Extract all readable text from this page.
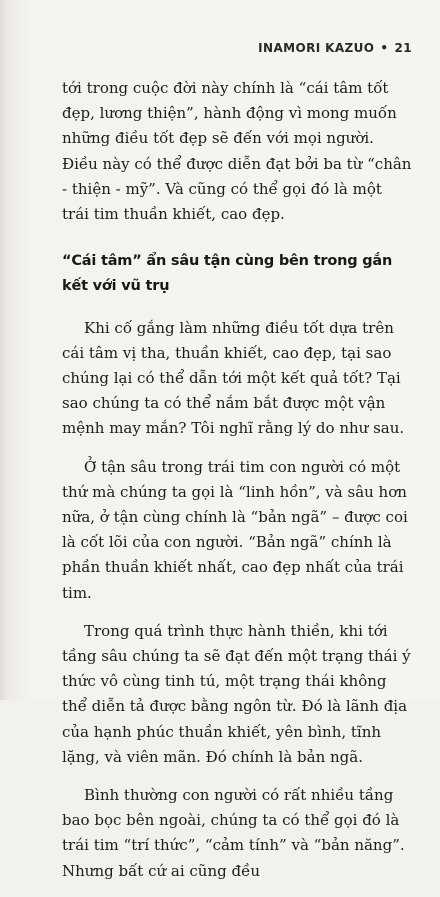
INAMORI KAZUO • 21

tới trong cuộc đời này chính là “cái tâm tốt đẹp, lương thiện”, hành động vì mong muốn những điều tốt đẹp sẽ đến với mọi người. Điều này có thể được diễn đạt bởi ba từ “chân - thiện - mỹ”. Và cũng có thể gọi đó là một trái tim thuần khiết, cao đẹp.

“Cái tâm” ẩn sâu tận cùng bên trong gắn kết với vũ trụ

Khi cố gắng làm những điều tốt dựa trên cái tâm vị tha, thuần khiết, cao đẹp, tại sao chúng lại có thể dẫn tới một kết quả tốt? Tại sao chúng ta có thể nắm bắt được một vận mệnh may mắn? Tôi nghĩ rằng lý do như sau.

Ở tận sâu trong trái tim con người có một thứ mà chúng ta gọi là “linh hồn”, và sâu hơn nữa, ở tận cùng chính là “bản ngã” – được coi là cốt lõi của con người. “Bản ngã” chính là phần thuần khiết nhất, cao đẹp nhất của trái tim.

Trong quá trình thực hành thiền, khi tới tầng sâu chúng ta sẽ đạt đến một trạng thái ý thức vô cùng tinh tú, một trạng thái không thể diễn tả được bằng ngôn từ. Đó là lãnh địa của hạnh phúc thuần khiết, yên bình, tĩnh lặng, và viên mãn. Đó chính là bản ngã.

Bình thường con người có rất nhiều tầng bao bọc bên ngoài, chúng ta có thể gọi đó là trái tim “trí thức”, “cảm tính” và “bản năng”. Nhưng bất cứ ai cũng đều
